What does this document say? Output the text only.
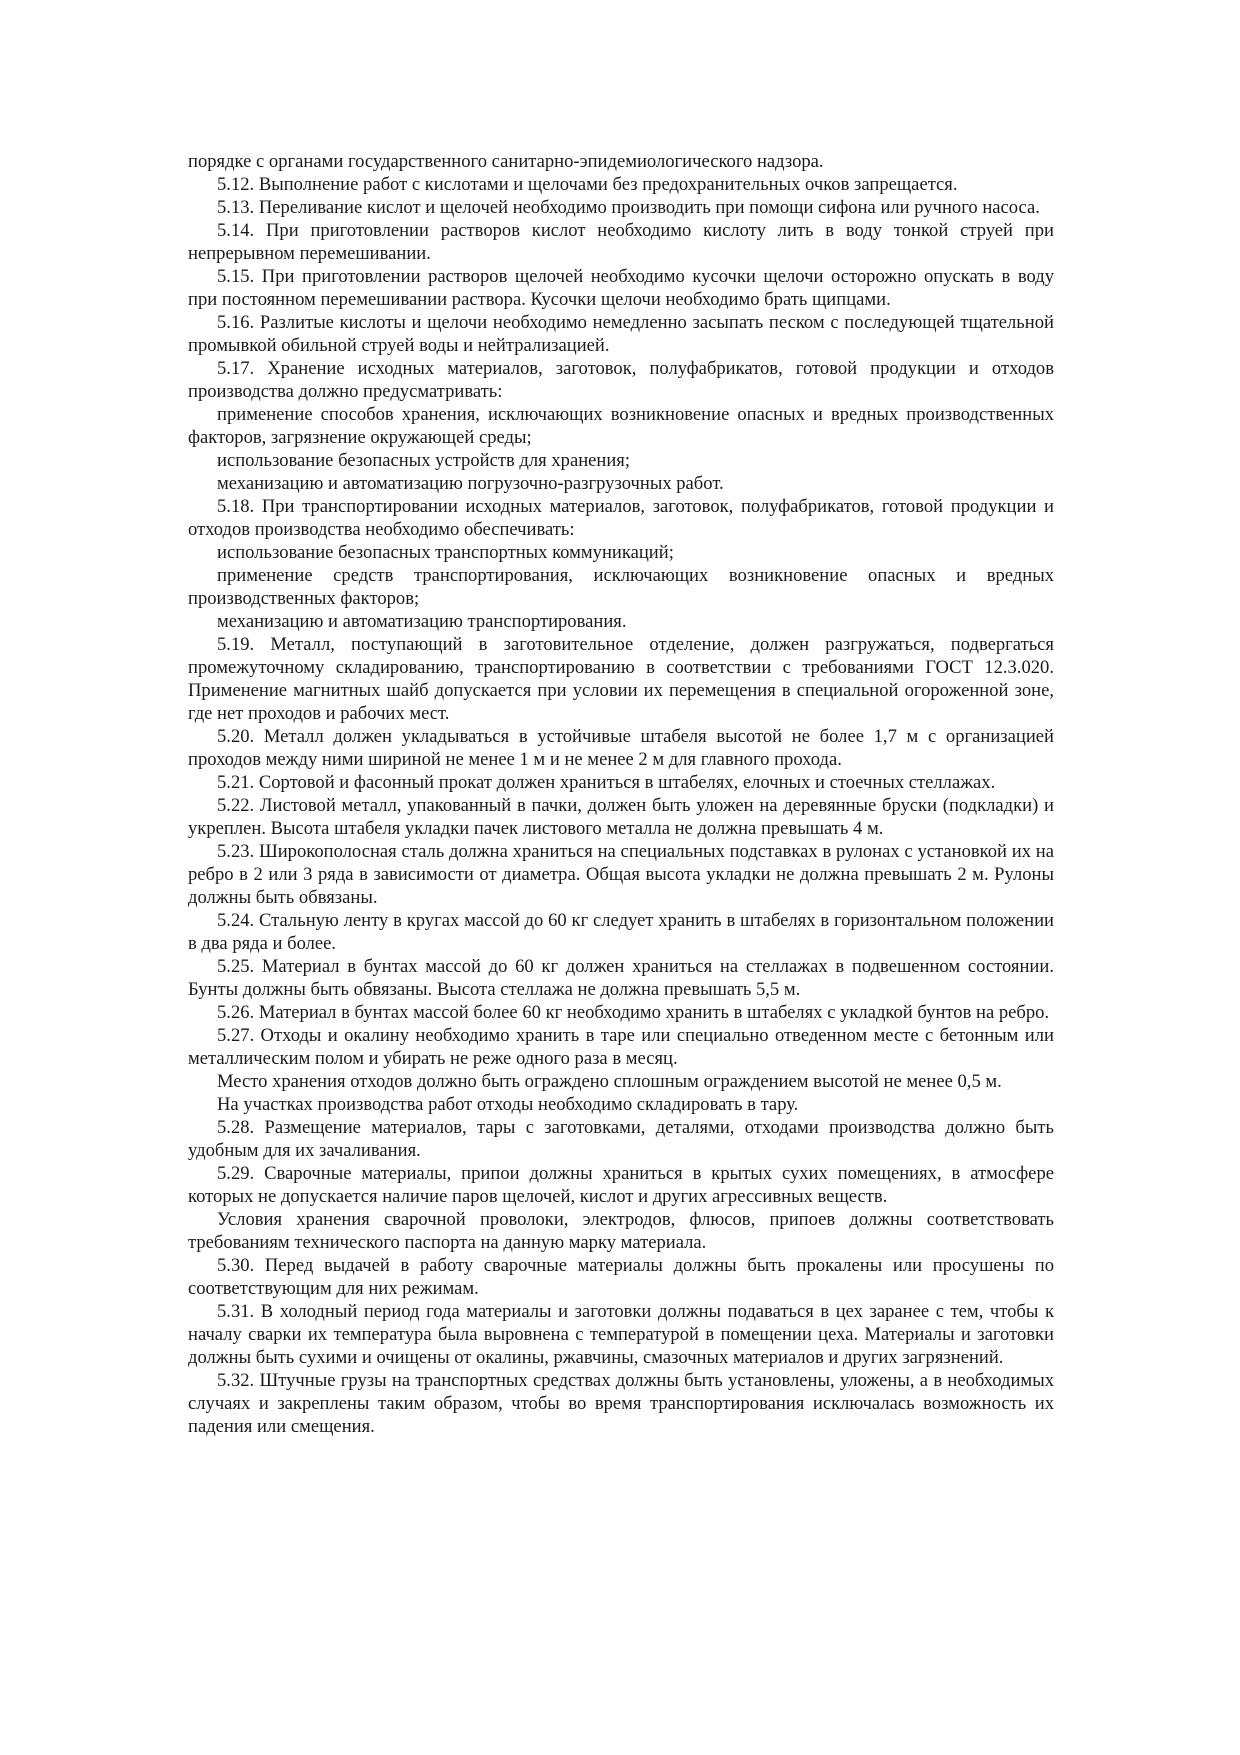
порядке с органами государственного санитарно-эпидемиологического надзора.

5.12. Выполнение работ с кислотами и щелочами без предохранительных очков запрещается.

5.13. Переливание кислот и щелочей необходимо производить при помощи сифона или ручного насоса.

5.14. При приготовлении растворов кислот необходимо кислоту лить в воду тонкой струей при непрерывном перемешивании.

5.15. При приготовлении растворов щелочей необходимо кусочки щелочи осторожно опускать в воду при постоянном перемешивании раствора. Кусочки щелочи необходимо брать щипцами.

5.16. Разлитые кислоты и щелочи необходимо немедленно засыпать песком с последующей тщательной промывкой обильной струей воды и нейтрализацией.

5.17. Хранение исходных материалов, заготовок, полуфабрикатов, готовой продукции и отходов производства должно предусматривать:

применение способов хранения, исключающих возникновение опасных и вредных производственных факторов, загрязнение окружающей среды;

использование безопасных устройств для хранения;

механизацию и автоматизацию погрузочно-разгрузочных работ.

5.18. При транспортировании исходных материалов, заготовок, полуфабрикатов, готовой продукции и отходов производства необходимо обеспечивать:

использование безопасных транспортных коммуникаций;

применение средств транспортирования, исключающих возникновение опасных и вредных производственных факторов;

механизацию и автоматизацию транспортирования.

5.19. Металл, поступающий в заготовительное отделение, должен разгружаться, подвергаться промежуточному складированию, транспортированию в соответствии с требованиями ГОСТ 12.3.020. Применение магнитных шайб допускается при условии их перемещения в специальной огороженной зоне, где нет проходов и рабочих мест.

5.20. Металл должен укладываться в устойчивые штабеля высотой не более 1,7 м с организацией проходов между ними шириной не менее 1 м и не менее 2 м для главного прохода.

5.21. Сортовой и фасонный прокат должен храниться в штабелях, елочных и стоечных стеллажах.

5.22. Листовой металл, упакованный в пачки, должен быть уложен на деревянные бруски (подкладки) и укреплен. Высота штабеля укладки пачек листового металла не должна превышать 4 м.

5.23. Широкополосная сталь должна храниться на специальных подставках в рулонах с установкой их на ребро в 2 или 3 ряда в зависимости от диаметра. Общая высота укладки не должна превышать 2 м. Рулоны должны быть обвязаны.

5.24. Стальную ленту в кругах массой до 60 кг следует хранить в штабелях в горизонтальном положении в два ряда и более.

5.25. Материал в бунтах массой до 60 кг должен храниться на стеллажах в подвешенном состоянии. Бунты должны быть обвязаны. Высота стеллажа не должна превышать 5,5 м.

5.26. Материал в бунтах массой более 60 кг необходимо хранить в штабелях с укладкой бунтов на ребро.

5.27. Отходы и окалину необходимо хранить в таре или специально отведенном месте с бетонным или металлическим полом и убирать не реже одного раза в месяц.

Место хранения отходов должно быть ограждено сплошным ограждением высотой не менее 0,5 м.

На участках производства работ отходы необходимо складировать в тару.

5.28. Размещение материалов, тары с заготовками, деталями, отходами производства должно быть удобным для их зачаливания.

5.29. Сварочные материалы, припои должны храниться в крытых сухих помещениях, в атмосфере которых не допускается наличие паров щелочей, кислот и других агрессивных веществ.

Условия хранения сварочной проволоки, электродов, флюсов, припоев должны соответствовать требованиям технического паспорта на данную марку материала.

5.30. Перед выдачей в работу сварочные материалы должны быть прокалены или просушены по соответствующим для них режимам.

5.31. В холодный период года материалы и заготовки должны подаваться в цех заранее с тем, чтобы к началу сварки их температура была выровнена с температурой в помещении цеха. Материалы и заготовки должны быть сухими и очищены от окалины, ржавчины, смазочных материалов и других загрязнений.

5.32. Штучные грузы на транспортных средствах должны быть установлены, уложены, а в необходимых случаях и закреплены таким образом, чтобы во время транспортирования исключалась возможность их падения или смещения.
